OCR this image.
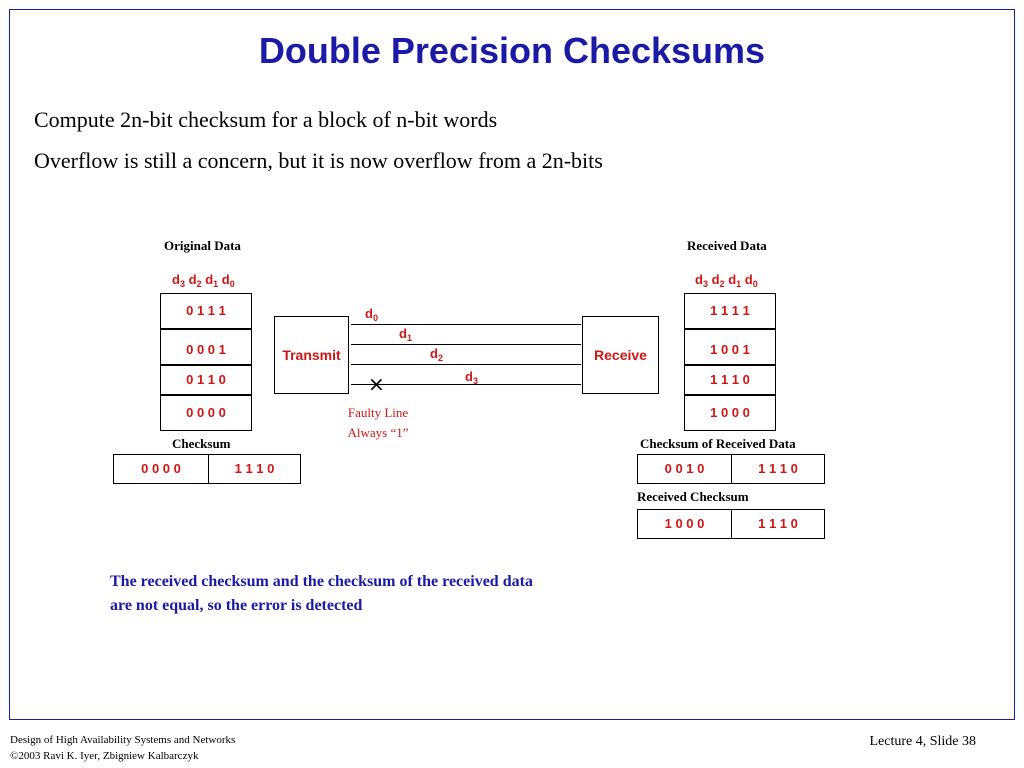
Double Precision Checksums
Compute 2n-bit checksum for a block of n-bit words
Overflow is still a concern, but it is now overflow from a 2n-bits
Original Data
$d_3$ $d_2$ $d_1$ $d_0$
0 1 1 1
0 0 0 1
0 1 1 0
0 0 0 0
Checksum
0 0 0 0	1 1 1 0
Transmit	Receive
$d_0$
$d_1$
$d_2$
$d_3$
×
Faulty Line
Always “1”
Received Data
$d_3$ $d_2$ $d_1$ $d_0$
1 1 1 1
1 0 0 1
1 1 1 0
1 0 0 0
Checksum of Received Data
0 0 1 0	1 1 1 0
Received Checksum
1 0 0 0	1 1 1 0
The received checksum and the checksum of the received data
are not equal, so the error is detected
Design of High Availability Systems and Networks
©2003 Ravi K. Iyer, Zbigniew Kalbarczyk
Lecture 4, Slide 38
